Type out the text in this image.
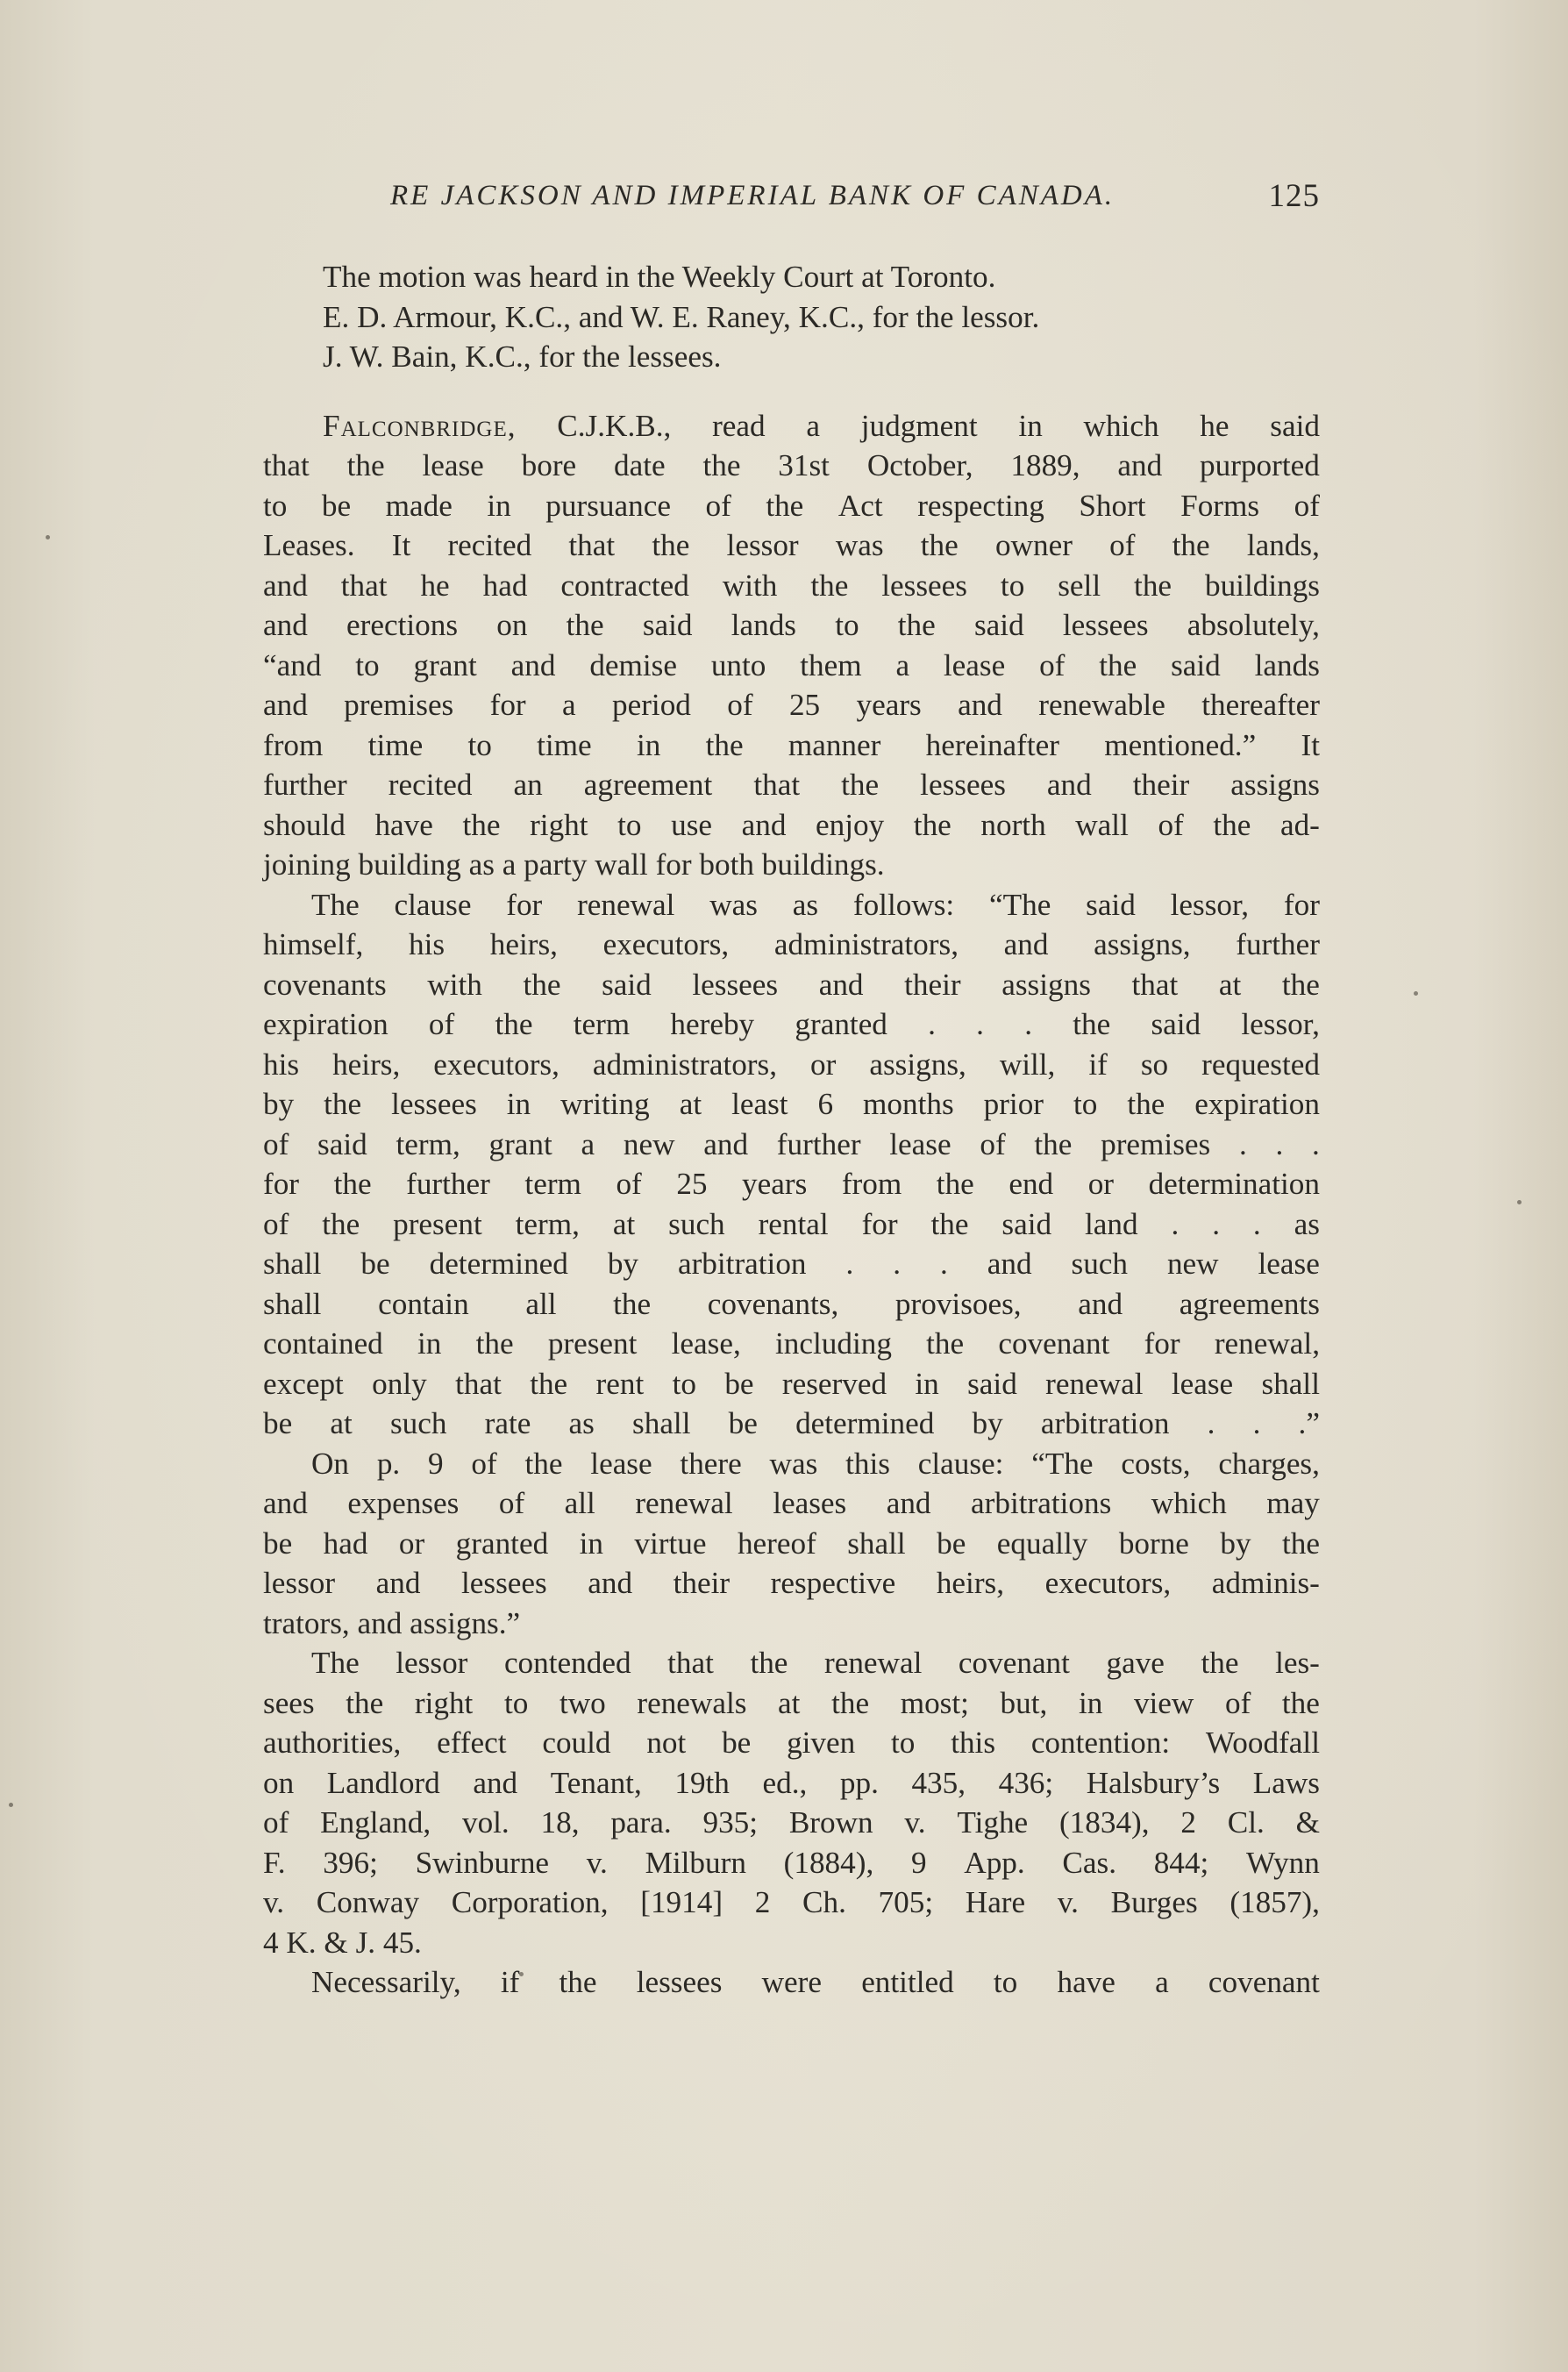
RE JACKSON AND IMPERIAL BANK OF CANADA.	125
The motion was heard in the Weekly Court at Toronto.
E. D. Armour, K.C., and W. E. Raney, K.C., for the lessor.
J. W. Bain, K.C., for the lessees.
Falconbridge, C.J.K.B., read a judgment in which he said
that the lease bore date the 31st October, 1889, and purported
to be made in pursuance of the Act respecting Short Forms of
Leases. It recited that the lessor was the owner of the lands,
and that he had contracted with the lessees to sell the buildings
and erections on the said lands to the said lessees absolutely,
“and to grant and demise unto them a lease of the said lands
and premises for a period of 25 years and renewable thereafter
from time to time in the manner hereinafter mentioned.” It
further recited an agreement that the lessees and their assigns
should have the right to use and enjoy the north wall of the ad-
joining building as a party wall for both buildings.
The clause for renewal was as follows: “The said lessor, for
himself, his heirs, executors, administrators, and assigns, further
covenants with the said lessees and their assigns that at the
expiration of the term hereby granted . . . the said lessor,
his heirs, executors, administrators, or assigns, will, if so requested
by the lessees in writing at least 6 months prior to the expiration
of said term, grant a new and further lease of the premises . . .
for the further term of 25 years from the end or determination
of the present term, at such rental for the said land . . . as
shall be determined by arbitration . . . and such new lease
shall contain all the covenants, provisoes, and agreements
contained in the present lease, including the covenant for renewal,
except only that the rent to be reserved in said renewal lease shall
be at such rate as shall be determined by arbitration . . .”
On p. 9 of the lease there was this clause: “The costs, charges,
and expenses of all renewal leases and arbitrations which may
be had or granted in virtue hereof shall be equally borne by the
lessor and lessees and their respective heirs, executors, adminis-
trators, and assigns.”
The lessor contended that the renewal covenant gave the les-
sees the right to two renewals at the most; but, in view of the
authorities, effect could not be given to this contention: Woodfall
on Landlord and Tenant, 19th ed., pp. 435, 436; Halsbury’s Laws
of England, vol. 18, para. 935; Brown v. Tighe (1834), 2 Cl. &
F. 396; Swinburne v. Milburn (1884), 9 App. Cas. 844; Wynn
v. Conway Corporation, [1914] 2 Ch. 705; Hare v. Burges (1857),
4 K. & J. 45.
Necessarily, if the lessees were entitled to have a covenant
